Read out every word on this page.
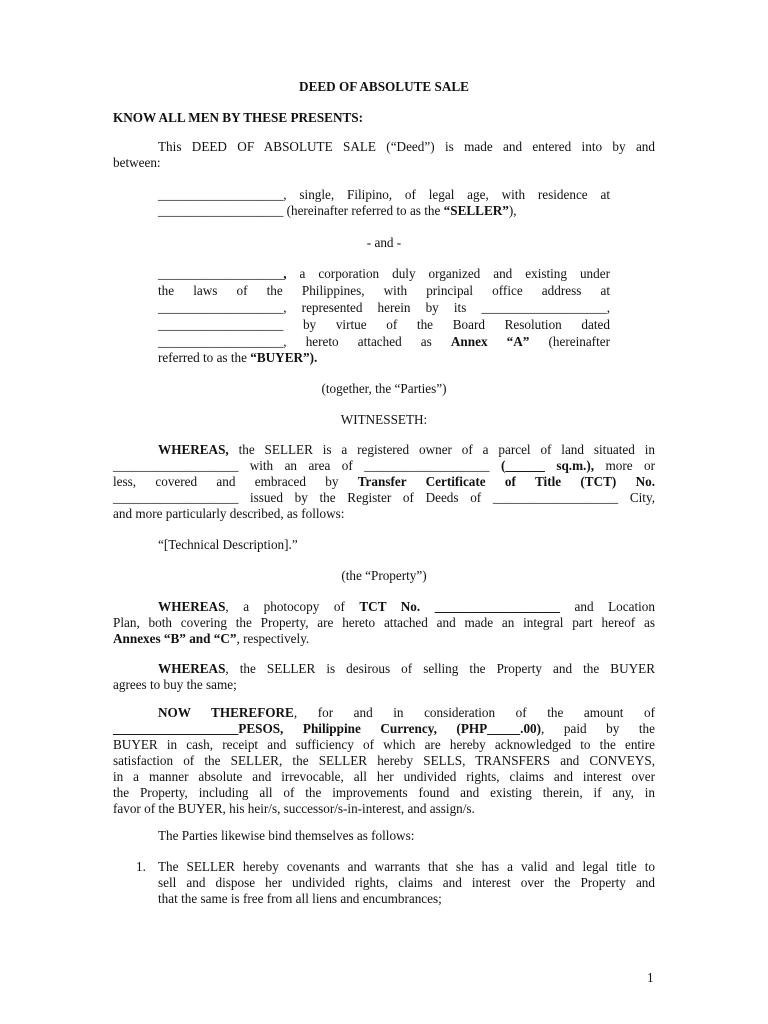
DEED OF ABSOLUTE SALE
KNOW ALL MEN BY THESE PRESENTS:
This DEED OF ABSOLUTE SALE (“Deed”) is made and entered into by and
between:
___________________, single, Filipino, of legal age, with residence at
___________________ (hereinafter referred to as the “SELLER”),
- and -
___________________, a corporation duly organized and existing under
the laws of the Philippines, with principal office address at
___________________, represented herein by its ___________________,
___________________ by virtue of the Board Resolution dated
___________________, hereto attached as Annex “A” (hereinafter
referred to as the “BUYER”).
(together, the “Parties”)
WITNESSETH:
WHEREAS, the SELLER is a registered owner of a parcel of land situated in
___________________ with an area of ___________________ (______ sq.m.), more or
less, covered and embraced by Transfer Certificate of Title (TCT) No.
___________________ issued by the Register of Deeds of ___________________ City,
and more particularly described, as follows:
“[Technical Description].”
(the “Property”)
WHEREAS, a photocopy of TCT No. ___________________ and Location
Plan, both covering the Property, are hereto attached and made an integral part hereof as
Annexes “B” and “C”, respectively.
WHEREAS, the SELLER is desirous of selling the Property and the BUYER
agrees to buy the same;
NOW THEREFORE, for and in consideration of the amount of
___________________PESOS, Philippine Currency, (PHP_____.00), paid by the
BUYER in cash, receipt and sufficiency of which are hereby acknowledged to the entire
satisfaction of the SELLER, the SELLER hereby SELLS, TRANSFERS and CONVEYS,
in a manner absolute and irrevocable, all her undivided rights, claims and interest over
the Property, including all of the improvements found and existing therein, if any, in
favor of the BUYER, his heir/s, successor/s-in-interest, and assign/s.
The Parties likewise bind themselves as follows:
1. The SELLER hereby covenants and warrants that she has a valid and legal title to
sell and dispose her undivided rights, claims and interest over the Property and
that the same is free from all liens and encumbrances;
1
